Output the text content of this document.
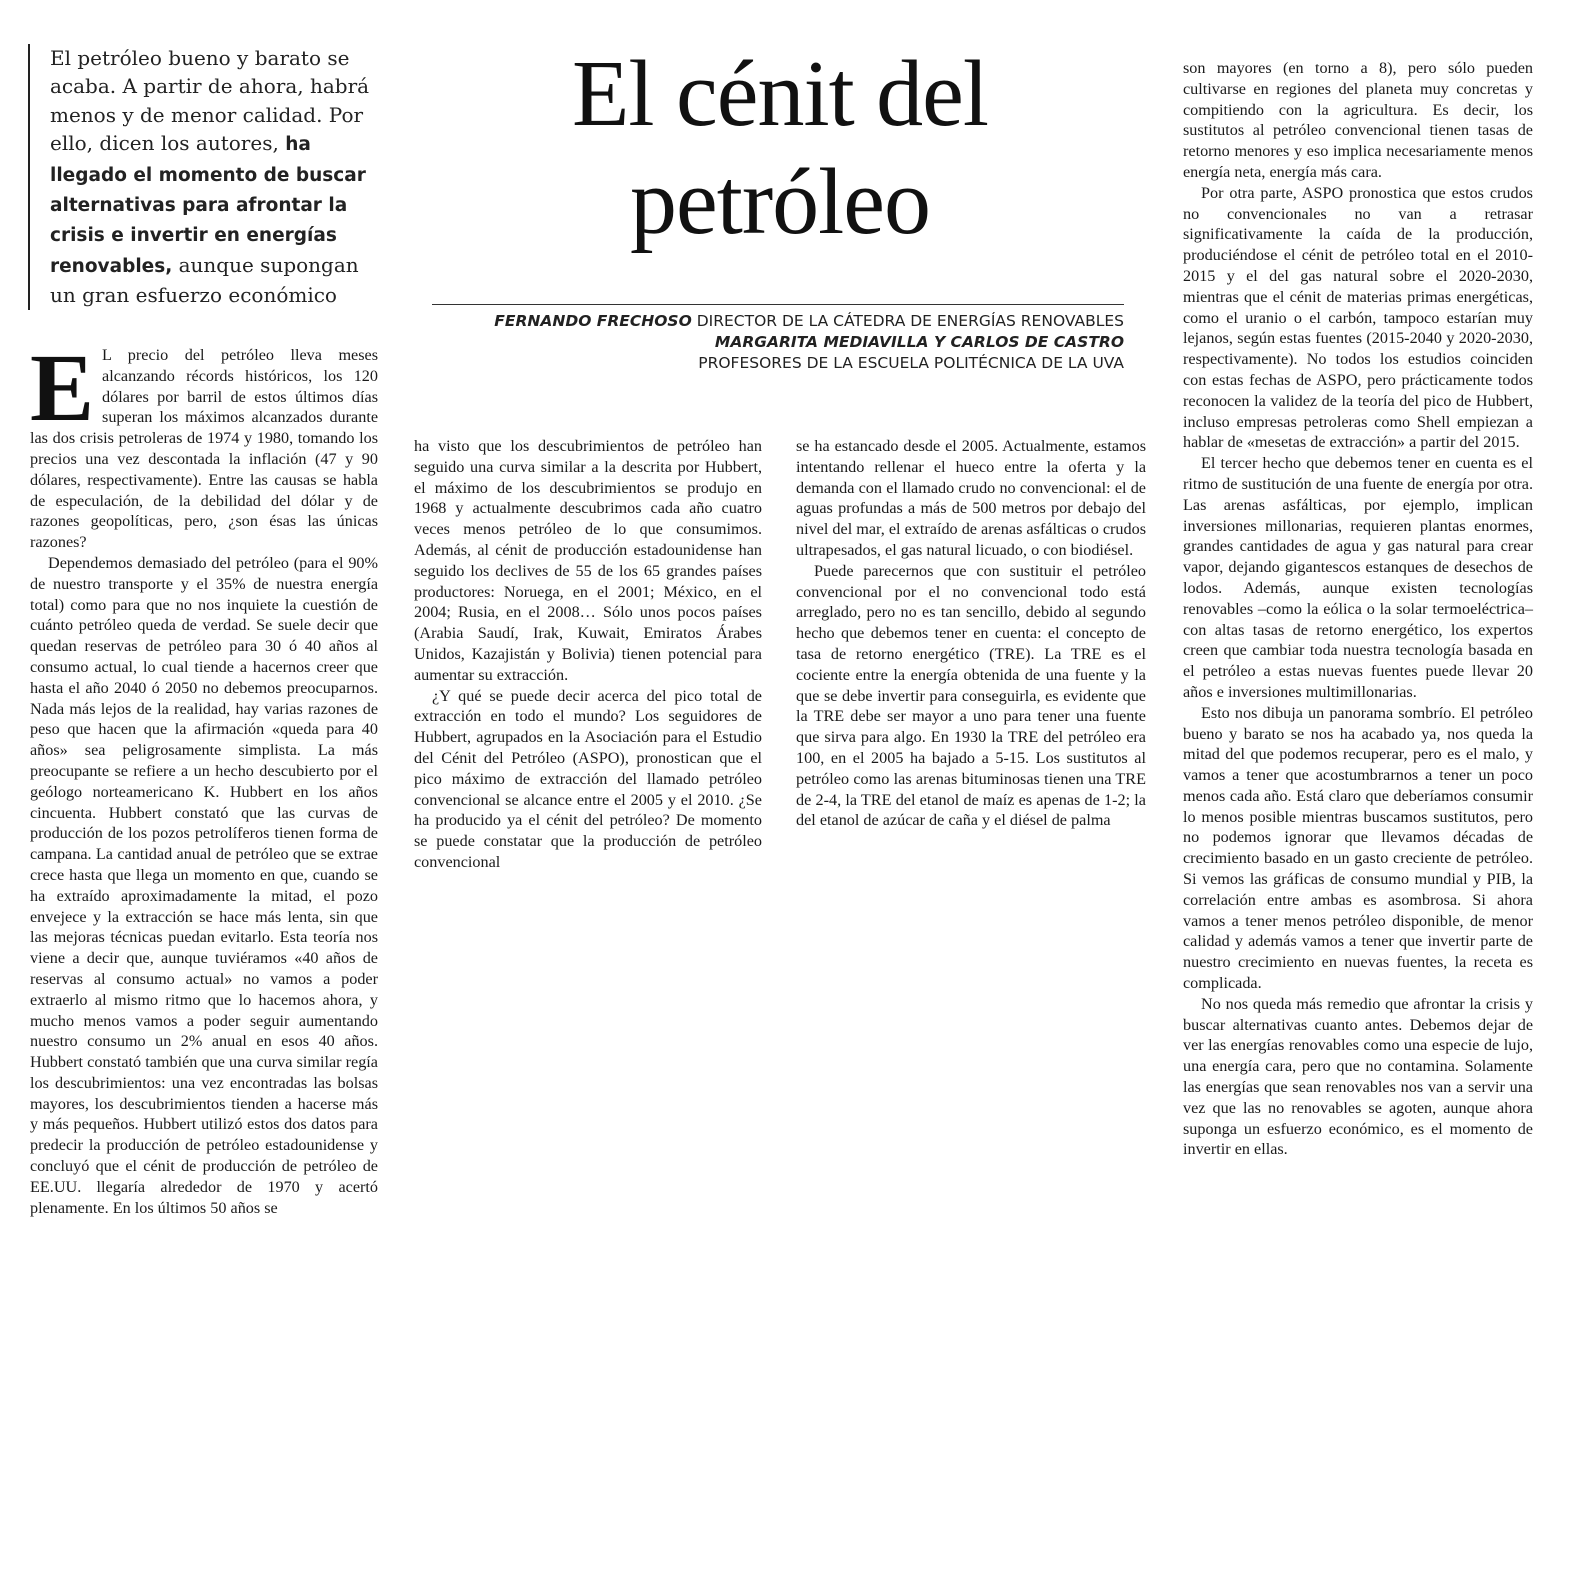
El petróleo bueno y barato se acaba. A partir de ahora, habrá menos y de menor calidad. Por ello, dicen los autores, ha llegado el momento de buscar alternativas para afrontar la crisis e invertir en energías renovables, aunque supongan un gran esfuerzo económico
El cénit del petróleo
FERNANDO FRECHOSO DIRECTOR DE LA CÁTEDRA DE ENERGÍAS RENOVABLES
MARGARITA MEDIAVILLA Y CARLOS DE CASTRO
PROFESORES DE LA ESCUELA POLITÉCNICA DE LA UVA

E L precio del petróleo lleva meses alcanzando récords históricos, los 120 dólares por barril de estos últimos días superan los máximos alcanzados durante las dos crisis petroleras de 1974 y 1980, tomando los precios una vez descontada la inflación (47 y 90 dólares, respectivamente). Entre las causas se habla de especulación, de la debilidad del dólar y de razones geopolíticas, pero, ¿son ésas las únicas razones?

Dependemos demasiado del petróleo (para el 90% de nuestro transporte y el 35% de nuestra energía total) como para que no nos inquiete la cuestión de cuánto petróleo queda de verdad. Se suele decir que quedan reservas de petróleo para 30 ó 40 años al consumo actual, lo cual tiende a hacernos creer que hasta el año 2040 ó 2050 no debemos preocuparnos. Nada más lejos de la realidad, hay varias razones de peso que hacen que la afirmación «queda para 40 años» sea peligrosamente simplista. La más preocupante se refiere a un hecho descubierto por el geólogo norteamericano K. Hubbert en los años cincuenta. Hubbert constató que las curvas de producción de los pozos petrolíferos tienen forma de campana. La cantidad anual de petróleo que se extrae crece hasta que llega un momento en que, cuando se ha extraído aproximadamente la mitad, el pozo envejece y la extracción se hace más lenta, sin que las mejoras técnicas puedan evitarlo. Esta teoría nos viene a decir que, aunque tuviéramos «40 años de reservas al consumo actual» no vamos a poder extraerlo al mismo ritmo que lo hacemos ahora, y mucho menos vamos a poder seguir aumentando nuestro consumo un 2% anual en esos 40 años. Hubbert constató también que una curva similar regía los descubrimientos: una vez encontradas las bolsas mayores, los descubrimientos tienden a hacerse más y más pequeños. Hubbert utilizó estos dos datos para predecir la producción de petróleo estadounidense y concluyó que el cénit de producción de petróleo de EE.UU. llegaría alrededor de 1970 y acertó plenamente. En los últimos 50 años se

ha visto que los descubrimientos de petróleo han seguido una curva similar a la descrita por Hubbert, el máximo de los descubrimientos se produjo en 1968 y actualmente descubrimos cada año cuatro veces menos petróleo de lo que consumimos. Además, al cénit de producción estadounidense han seguido los declives de 55 de los 65 grandes países productores: Noruega, en el 2001; México, en el 2004; Rusia, en el 2008… Sólo unos pocos países (Arabia Saudí, Irak, Kuwait, Emiratos Árabes Unidos, Kazajistán y Bolivia) tienen potencial para aumentar su extracción.

¿Y qué se puede decir acerca del pico total de extracción en todo el mundo? Los seguidores de Hubbert, agrupados en la Asociación para el Estudio del Cénit del Petróleo (ASPO), pronostican que el pico máximo de extracción del llamado petróleo convencional se alcance entre el 2005 y el 2010. ¿Se ha producido ya el cénit del petróleo? De momento se puede constatar que la producción de petróleo convencional

se ha estancado desde el 2005. Actualmente, estamos intentando rellenar el hueco entre la oferta y la demanda con el llamado crudo no convencional: el de aguas profundas a más de 500 metros por debajo del nivel del mar, el extraído de arenas asfálticas o crudos ultrapesados, el gas natural licuado, o con biodiésel.

Puede parecernos que con sustituir el petróleo convencional por el no convencional todo está arreglado, pero no es tan sencillo, debido al segundo hecho que debemos tener en cuenta: el concepto de tasa de retorno energético (TRE). La TRE es el cociente entre la energía obtenida de una fuente y la que se debe invertir para conseguirla, es evidente que la TRE debe ser mayor a uno para tener una fuente que sirva para algo. En 1930 la TRE del petróleo era 100, en el 2005 ha bajado a 5-15. Los sustitutos al petróleo como las arenas bituminosas tienen una TRE de 2-4, la TRE del etanol de maíz es apenas de 1-2; la del etanol de azúcar de caña y el diésel de palma

son mayores (en torno a 8), pero sólo pueden cultivarse en regiones del planeta muy concretas y compitiendo con la agricultura. Es decir, los sustitutos al petróleo convencional tienen tasas de retorno menores y eso implica necesariamente menos energía neta, energía más cara.

Por otra parte, ASPO pronostica que estos crudos no convencionales no van a retrasar significativamente la caída de la producción, produciéndose el cénit de petróleo total en el 2010-2015 y el del gas natural sobre el 2020-2030, mientras que el cénit de materias primas energéticas, como el uranio o el carbón, tampoco estarían muy lejanos, según estas fuentes (2015-2040 y 2020-2030, respectivamente). No todos los estudios coinciden con estas fechas de ASPO, pero prácticamente todos reconocen la validez de la teoría del pico de Hubbert, incluso empresas petroleras como Shell empiezan a hablar de «mesetas de extracción» a partir del 2015.

El tercer hecho que debemos tener en cuenta es el ritmo de sustitución de una fuente de energía por otra. Las arenas asfálticas, por ejemplo, implican inversiones millonarias, requieren plantas enormes, grandes cantidades de agua y gas natural para crear vapor, dejando gigantescos estanques de desechos de lodos. Además, aunque existen tecnologías renovables –como la eólica o la solar termoeléctrica– con altas tasas de retorno energético, los expertos creen que cambiar toda nuestra tecnología basada en el petróleo a estas nuevas fuentes puede llevar 20 años e inversiones multimillonarias.

Esto nos dibuja un panorama sombrío. El petróleo bueno y barato se nos ha acabado ya, nos queda la mitad del que podemos recuperar, pero es el malo, y vamos a tener que acostumbrarnos a tener un poco menos cada año. Está claro que deberíamos consumir lo menos posible mientras buscamos sustitutos, pero no podemos ignorar que llevamos décadas de crecimiento basado en un gasto creciente de petróleo. Si vemos las gráficas de consumo mundial y PIB, la correlación entre ambas es asombrosa. Si ahora vamos a tener menos petróleo disponible, de menor calidad y además vamos a tener que invertir parte de nuestro crecimiento en nuevas fuentes, la receta es complicada.

No nos queda más remedio que afrontar la crisis y buscar alternativas cuanto antes. Debemos dejar de ver las energías renovables como una especie de lujo, una energía cara, pero que no contamina. Solamente las energías que sean renovables nos van a servir una vez que las no renovables se agoten, aunque ahora suponga un esfuerzo económico, es el momento de invertir en ellas.
